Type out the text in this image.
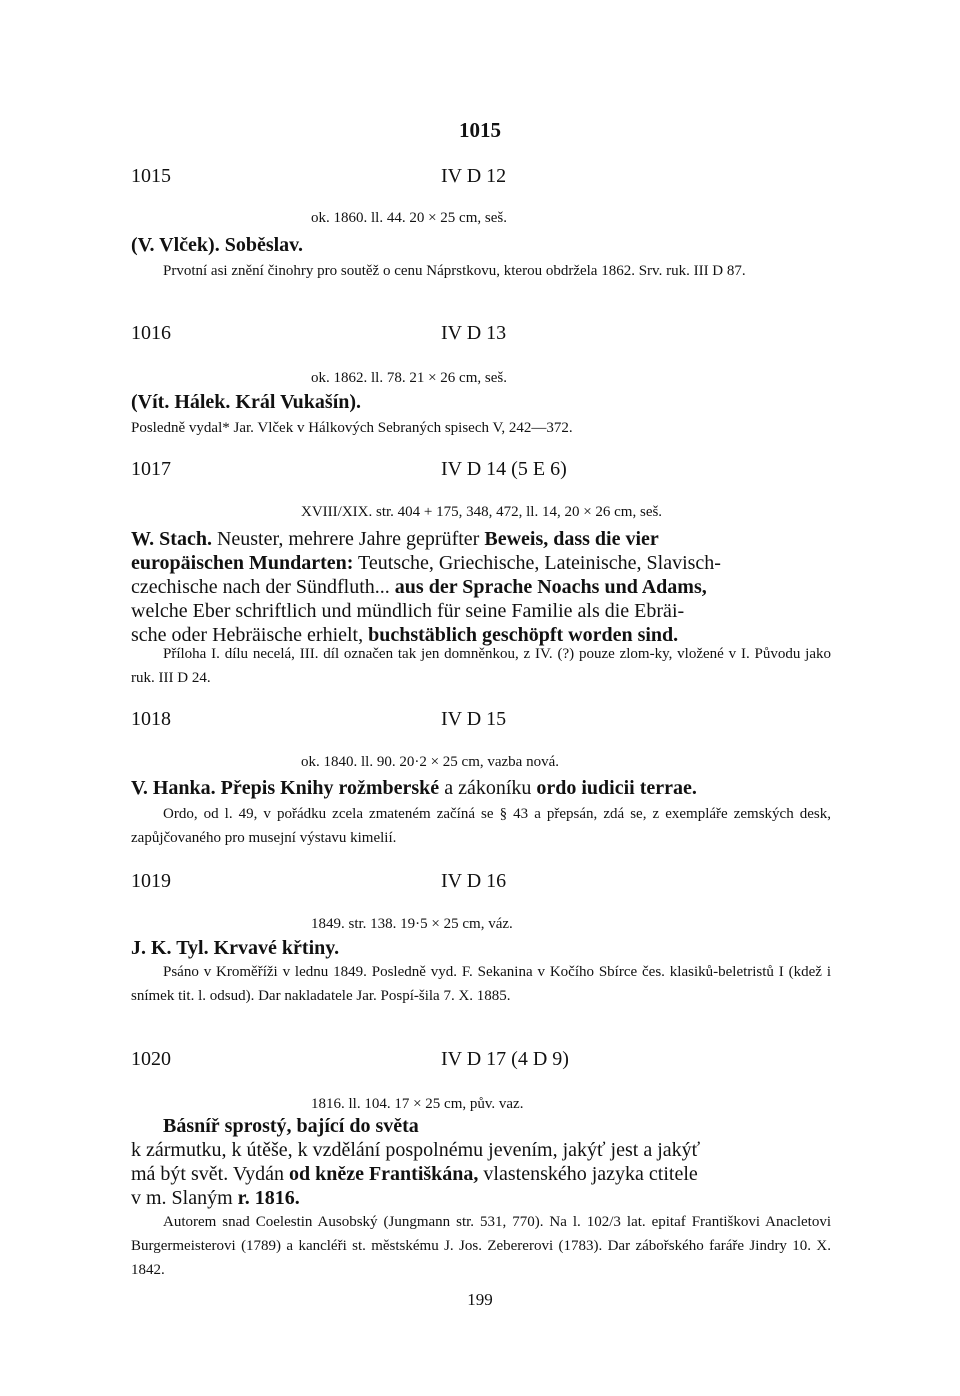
1015
1015	IV D 12
ok. 1860. ll. 44. 20 × 25 cm, seš.
(V. Vlček). Soběslav.
Prvotní asi znění činohry pro soutěž o cenu Náprstkovu, kterou obdržela 1862. Srv. ruk. III D 87.
1016	IV D 13
ok. 1862. ll. 78. 21 × 26 cm, seš.
(Vít. Hálek. Král Vukašín).
Posledně vydal* Jar. Vlček v Hálkových Sebraných spisech V, 242—372.
1017	IV D 14 (5 E 6)
XVIII/XIX. str. 404 + 175, 348, 472, ll. 14, 20 × 26 cm, seš.
W. Stach. Neuster, mehrere Jahre geprüfter Beweis, dass die vier
europäischen Mundarten: Teutsche, Griechische, Lateinische, Slavisch-
czechische nach der Sündfluth... aus der Sprache Noachs und Adams,
welche Eber schriftlich und mündlich für seine Familie als die Ebräi-
sche oder Hebräische erhielt, buchstäblich geschöpft worden sind.
Příloha I. dílu necelá, III. díl označen tak jen domněnkou, z IV. (?) pouze zlom-ky, vložené v I. Původu jako ruk. III D 24.
1018	IV D 15
ok. 1840. ll. 90. 20·2 × 25 cm, vazba nová.
V. Hanka. Přepis Knihy rožmberské a zákoníku ordo iudicii terrae.
Ordo, od l. 49, v pořádku zcela zmateném začíná se § 43 a přepsán, zdá se, z exempláře zemských desk, zapůjčovaného pro musejní výstavu kimelií.
1019	IV D 16
1849. str. 138. 19·5 × 25 cm, váz.
J. K. Tyl. Krvavé křtiny.
Psáno v Kroměříži v lednu 1849. Posledně vyd. F. Sekanina v Kočího Sbírce čes. klasiků-beletristů I (kdež i snímek tit. l. odsud). Dar nakladatele Jar. Pospí-šila 7. X. 1885.
1020	IV D 17 (4 D 9)
1816. ll. 104. 17 × 25 cm, pův. vaz.
Básníř sprostý, bající do světa
k zármutku, k útěše, k vzdělání pospolnému jevením, jakýť jest a jakýť
má být svět. Vydán od kněze Františkána, vlastenského jazyka ctitele
v m. Slaným r. 1816.
Autorem snad Coelestin Ausobský (Jungmann str. 531, 770). Na l. 102/3 lat. epitaf Františkovi Anacletovi Burgermeisterovi (1789) a kancléři st. městskému J. Jos. Zebererovi (1783). Dar zábořského faráře Jindry 10. X. 1842.
199
